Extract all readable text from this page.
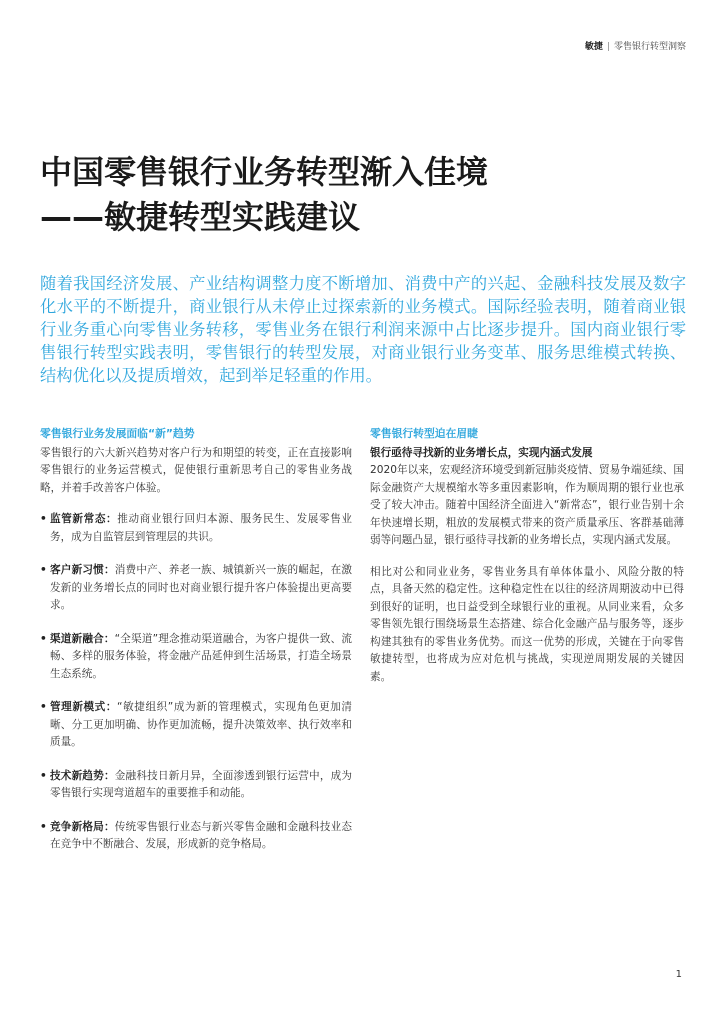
敏捷 | 零售银行转型洞察
中国零售银行业务转型渐入佳境
——敏捷转型实践建议
随着我国经济发展、产业结构调整力度不断增加、消费中产的兴起、金融科技发展及数字化水平的不断提升，商业银行从未停止过探索新的业务模式。国际经验表明，随着商业银行业务重心向零售业务转移，零售业务在银行利润来源中占比逐步提升。国内商业银行零售银行转型实践表明，零售银行的转型发展，对商业银行业务变革、服务思维模式转换、结构优化以及提质增效，起到举足轻重的作用。
零售银行业务发展面临“新”趋势

零售银行的六大新兴趋势对客户行为和期望的转变，正在直接影响零售银行的业务运营模式，促使银行重新思考自己的零售业务战略，并着手改善客户体验。

• 监管新常态：推动商业银行回归本源、服务民生、发展零售业务，成为自监管层到管理层的共识。
• 客户新习惯：消费中产、养老一族、城镇新兴一族的崛起，在激发新的业务增长点的同时也对商业银行提升客户体验提出更高要求。
• 渠道新融合：“全渠道”理念推动渠道融合，为客户提供一致、流畅、多样的服务体验，将金融产品延伸到生活场景，打造全场景生态系统。
• 管理新模式：“敏捷组织”成为新的管理模式，实现角色更加清晰、分工更加明确、协作更加流畅，提升决策效率、执行效率和质量。
• 技术新趋势：金融科技日新月异，全面渗透到银行运营中，成为零售银行实现弯道超车的重要推手和动能。
• 竞争新格局：传统零售银行业态与新兴零售金融和金融科技业态在竞争中不断融合、发展，形成新的竞争格局。
零售银行转型迫在眉睫
银行亟待寻找新的业务增长点，实现内涵式发展

2020年以来，宏观经济环境受到新冠肺炎疫情、贸易争端延续、国际金融资产大规模缩水等多重因素影响，作为顺周期的银行业也承受了较大冲击。随着中国经济全面进入“新常态”，银行业告别十余年快速增长期，粗放的发展模式带来的资产质量承压、客群基础薄弱等问题凸显，银行亟待寻找新的业务增长点，实现内涵式发展。

相比对公和同业业务，零售业务具有单体体量小、风险分散的特点，具备天然的稳定性。这种稳定性在以往的经济周期波动中已得到很好的证明，也日益受到全球银行业的重视。从同业来看，众多零售领先银行围绕场景生态搭建、综合化金融产品与服务等，逐步构建其独有的零售业务优势。而这一优势的形成，关键在于向零售敏捷转型，也将成为应对危机与挑战，实现逆周期发展的关键因素。

1
